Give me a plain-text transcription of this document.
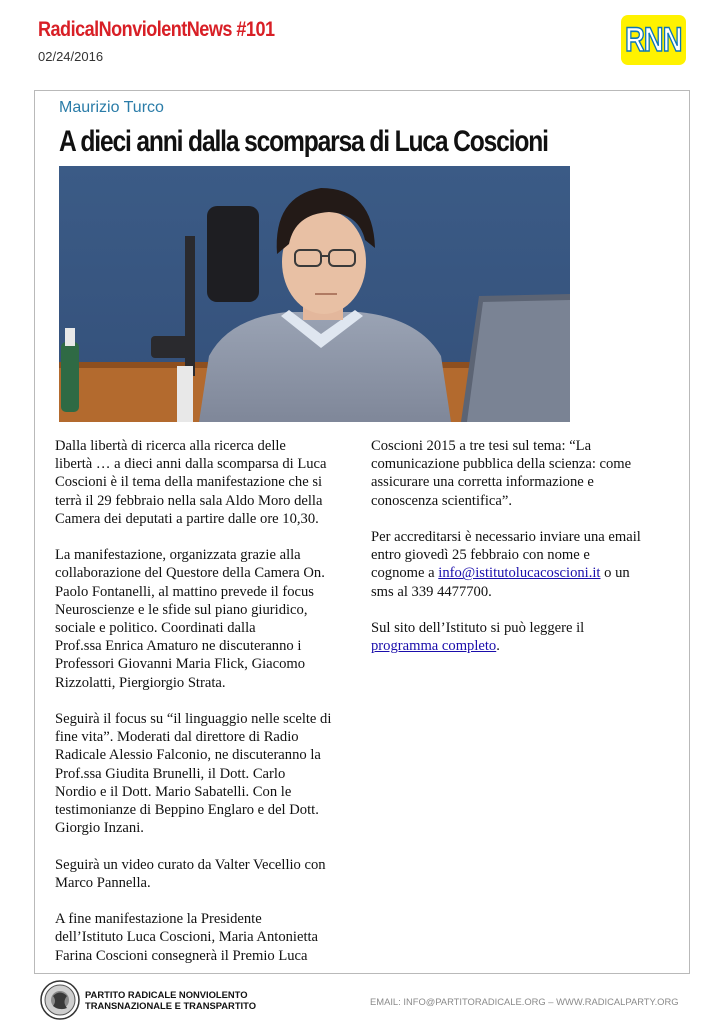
RadicalNonviolentNews #101
02/24/2016	RNN
Maurizio Turco
A dieci anni dalla scomparsa di Luca Coscioni

Dalla libertà di ricerca alla ricerca delle
libertà … a dieci anni dalla scomparsa di Luca
Coscioni è il tema della manifestazione che si
terrà il 29 febbraio nella sala Aldo Moro della
Camera dei deputati a partire dalle ore 10,30.

La manifestazione, organizzata grazie alla
collaborazione del Questore della Camera On.
Paolo Fontanelli, al mattino prevede il focus
Neuroscienze e le sfide sul piano giuridico,
sociale e politico. Coordinati dalla
Prof.ssa Enrica Amaturo ne discuteranno i
Professori Giovanni Maria Flick, Giacomo
Rizzolatti, Piergiorgio Strata.

Seguirà il focus su “il linguaggio nelle scelte di
fine vita”. Moderati dal direttore di Radio
Radicale Alessio Falconio, ne discuteranno la
Prof.ssa Giudita Brunelli, il Dott. Carlo
Nordio e il Dott. Mario Sabatelli. Con le
testimonianze di Beppino Englaro e del Dott.
Giorgio Inzani.

Seguirà un video curato da Valter Vecellio con
Marco Pannella.

A fine manifestazione la Presidente
dell’Istituto Luca Coscioni, Maria Antonietta
Farina Coscioni consegnerà il Premio Luca

Coscioni 2015 a tre tesi sul tema: “La
comunicazione pubblica della scienza: come
assicurare una corretta informazione e
conoscenza scientifica”.

Per accreditarsi è necessario inviare una email
entro giovedì 25 febbraio con nome e
cognome a info@istitutolucacoscioni.it o un
sms al 339 4477700.

Sul sito dell’Istituto si può leggere il
programma completo.

PARTITO RADICALE NONVIOLENTO
TRANSNAZIONALE E TRANSPARTITO	EMAIL: INFO@PARTITORADICALE.ORG – WWW.RADICALPARTY.ORG
